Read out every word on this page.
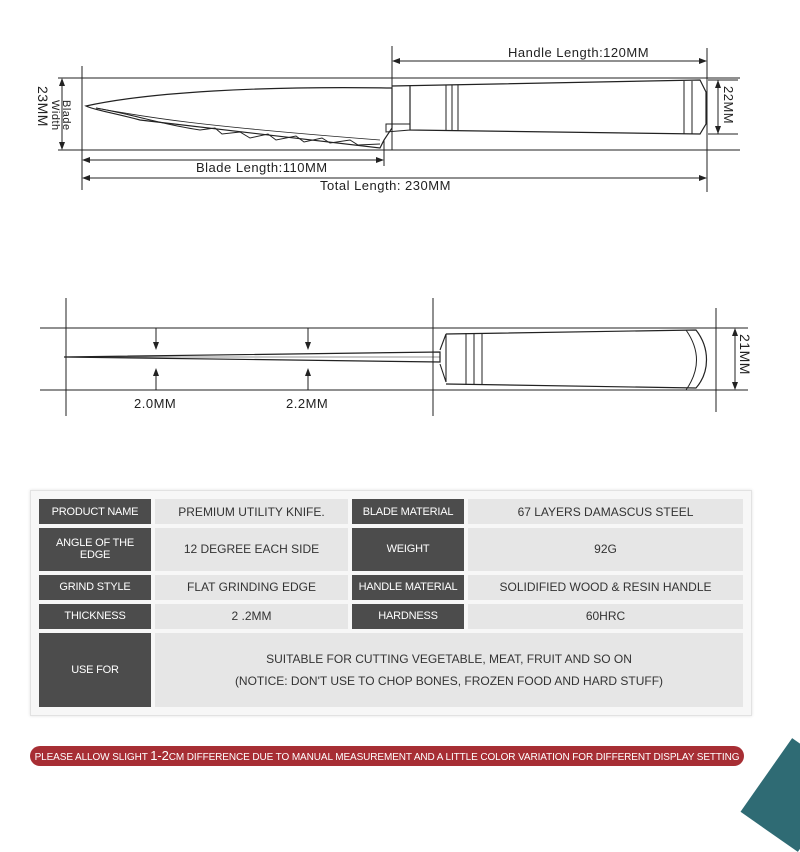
Handle Length:120MM
Blade Length:110MM
Total Length: 230MM
23MM Blade
Width	22MM
21MM
2.0MM	2.2MM
PRODUCT NAME	PREMIUM UTILITY KNIFE.	BLADE MATERIAL	67 LAYERS DAMASCUS STEEL
ANGLE OF THE EDGE	12 DEGREE EACH SIDE	WEIGHT	92G
GRIND STYLE	FLAT GRINDING EDGE	HANDLE MATERIAL	SOLIDIFIED WOOD & RESIN HANDLE
THICKNESS	2 .2MM	HARDNESS	60HRC
USE FOR	SUITABLE FOR CUTTING VEGETABLE, MEAT, FRUIT AND SO ON
(NOTICE: DON'T USE TO CHOP BONES, FROZEN FOOD AND HARD STUFF)		
PLEASE ALLOW SLIGHT 1-2CM DIFFERENCE DUE TO MANUAL MEASUREMENT AND A LITTLE COLOR VARIATION FOR DIFFERENT DISPLAY SETTING
